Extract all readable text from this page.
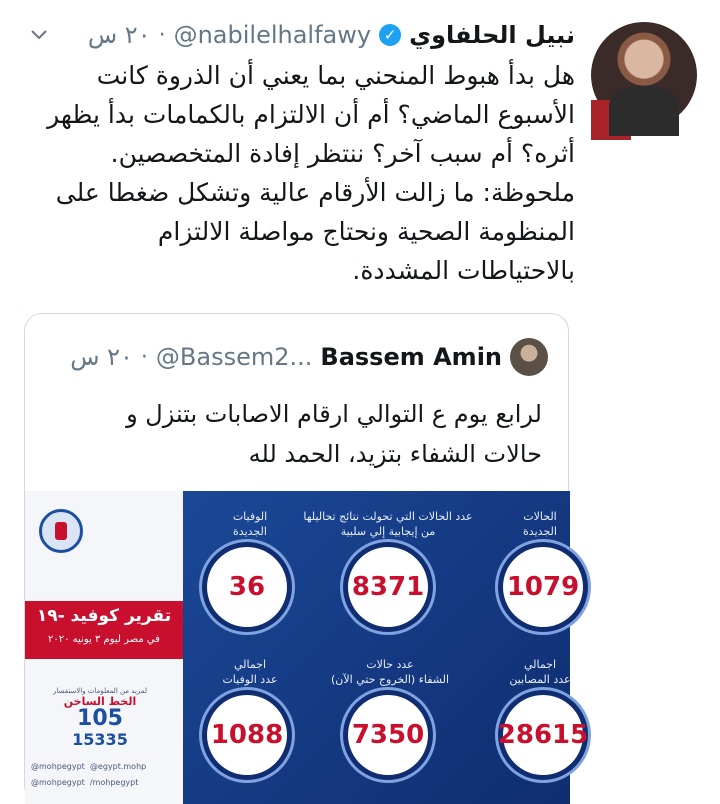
نبيل الحلفاوي
✓
@nabilelhalfawy
·
٢٠ س
هل بدأ هبوط المنحني بما يعني أن الذروة كانت
الأسبوع الماضي؟ أم أن الالتزام بالكمامات بدأ يظهر
أثره؟ أم سبب آخر؟ ننتظر إفادة المتخصصين.
ملحوظة: ما زالت الأرقام عالية وتشكل ضغطا على
المنظومة الصحية ونحتاج مواصلة الالتزام
بالاحتياطات المشددة.
Bassem Amin
@Bassem2...
·
٢٠ س
لرابع يوم ع التوالي ارقام الاصابات بتنزل و
حالات الشفاء بتزيد، الحمد لله
تقرير كوفيد -١٩
في مصر ليوم ٣ يونيه ٢٠٢٠
لمزيد من المعلومات والاستفسار
الخط الساخن
105
15335
@mohpegypt @egypt.mohp
@mohpegypt /mohpegypt
الحالات
الجديدة
1079
عدد الحالات التي تحولت نتائج تحاليلها
من إيجابية إلي سلبية
8371
الوفيات
الجديدة
36
اجمالي
عدد المصابين
28615
عدد حالات
الشفاء (الخروج حتي الآن)
7350
اجمالي
عدد الوفيات
1088
